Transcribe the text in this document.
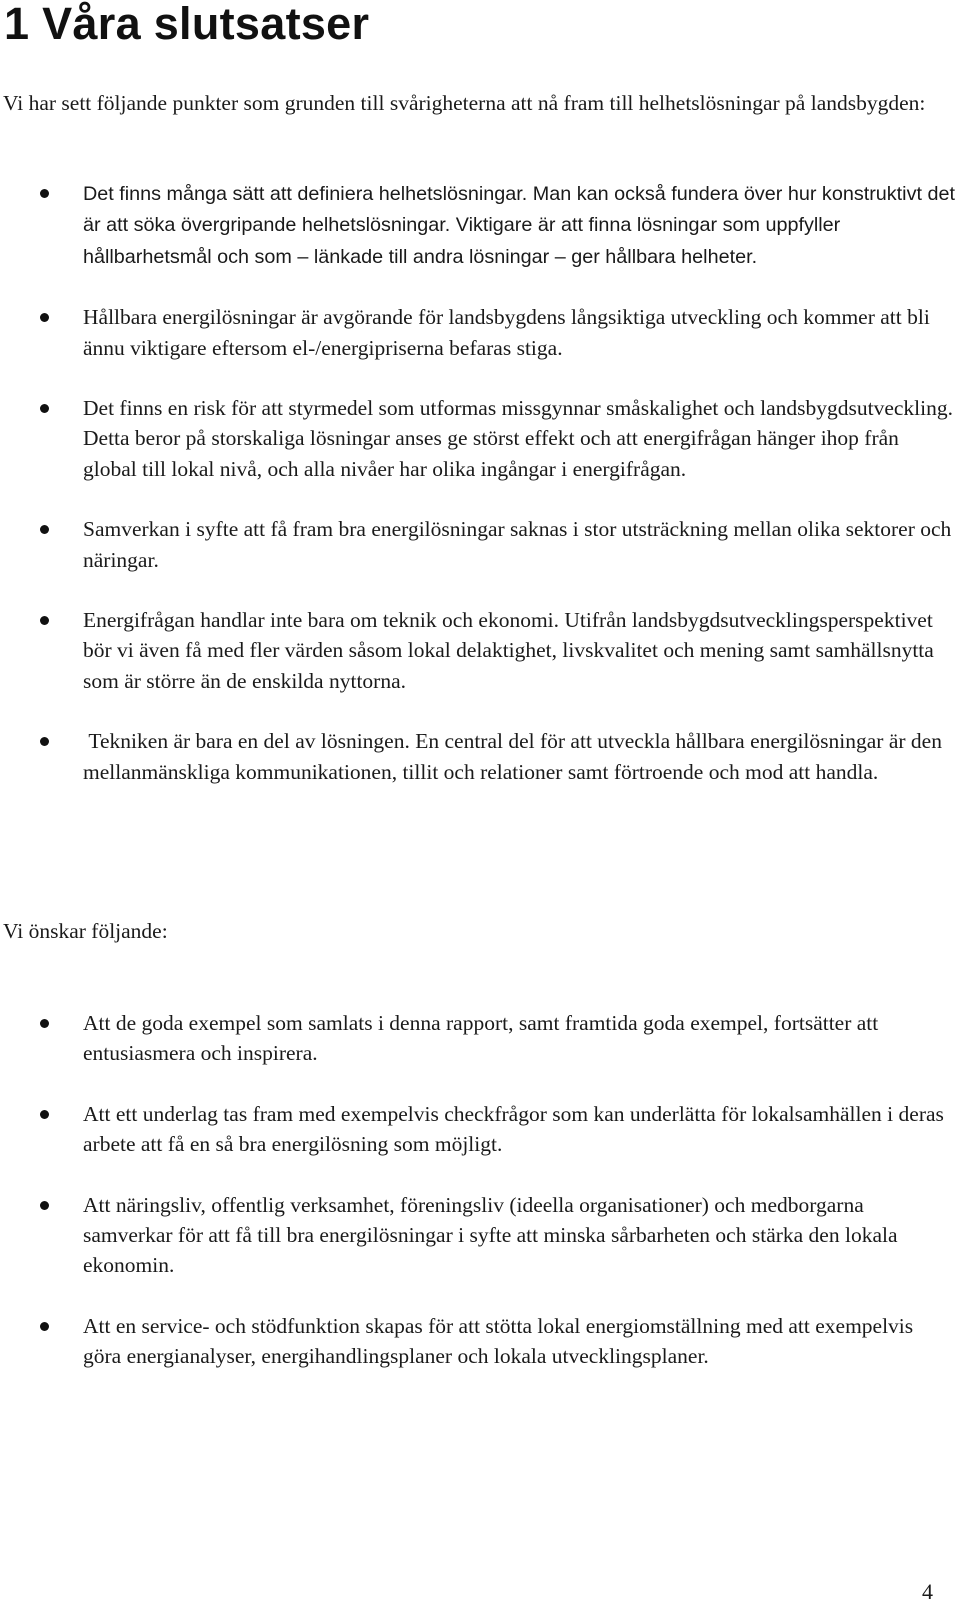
1 Våra slutsatser

Vi har sett följande punkter som grunden till svårigheterna att nå fram till helhetslösningar på landsbygden:

Det finns många sätt att definiera helhetslösningar. Man kan också fundera över hur konstruktivt det är att söka övergripande helhetslösningar. Viktigare är att finna lösningar som uppfyller hållbarhetsmål och som – länkade till andra lösningar – ger hållbara helheter.
Hållbara energilösningar är avgörande för landsbygdens långsiktiga utveckling och kommer att bli ännu viktigare eftersom el-/energipriserna befaras stiga.
Det finns en risk för att styrmedel som utformas missgynnar småskalighet och landsbygdsutveckling. Detta beror på storskaliga lösningar anses ge störst effekt och att energifrågan hänger ihop från global till lokal nivå, och alla nivåer har olika ingångar i energifrågan.
Samverkan i syfte att få fram bra energilösningar saknas i stor utsträckning mellan olika sektorer och näringar.
Energifrågan handlar inte bara om teknik och ekonomi. Utifrån landsbygdsutvecklingsperspektivet bör vi även få med fler värden såsom lokal delaktighet, livskvalitet och mening samt samhällsnytta som är större än de enskilda nyttorna.
Tekniken är bara en del av lösningen. En central del för att utveckla hållbara energilösningar är den mellanmänskliga kommunikationen, tillit och relationer samt förtroende och mod att handla.

Vi önskar följande:

Att de goda exempel som samlats i denna rapport, samt framtida goda exempel, fortsätter att entusiasmera och inspirera.
Att ett underlag tas fram med exempelvis checkfrågor som kan underlätta för lokalsamhällen i deras arbete att få en så bra energilösning som möjligt.
Att näringsliv, offentlig verksamhet, föreningsliv (ideella organisationer) och medborgarna samverkar för att få till bra energilösningar i syfte att minska sårbarheten och stärka den lokala ekonomin.
Att en service- och stödfunktion skapas för att stötta lokal energiomställning med att exempelvis göra energianalyser, energihandlingsplaner och lokala utvecklingsplaner.
4
